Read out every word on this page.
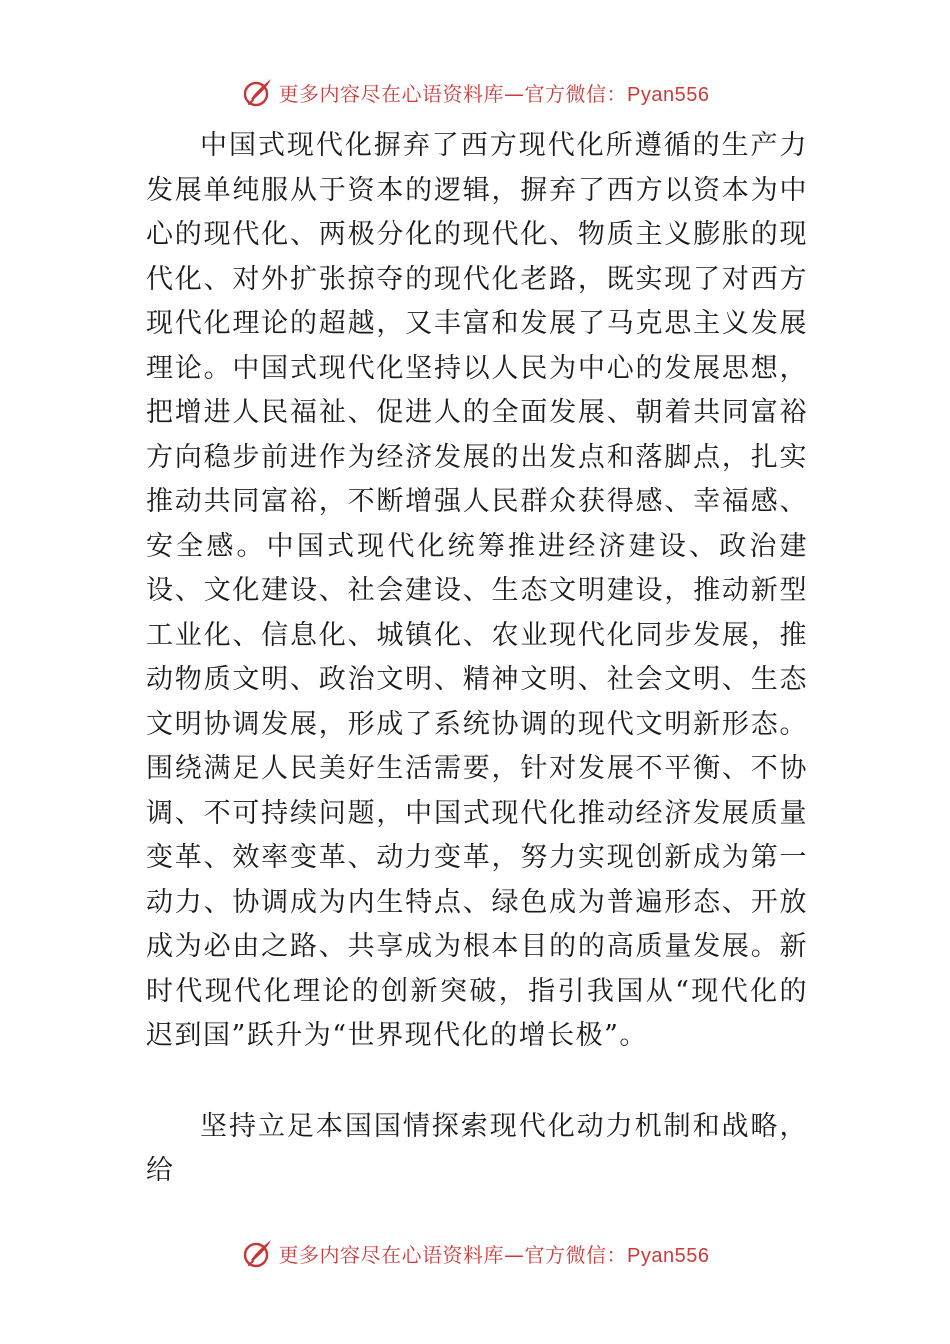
更多内容尽在心语资料库—官方微信：Pyan556

中国式现代化摒弃了西方现代化所遵循的生产力发展单纯服从于资本的逻辑，摒弃了西方以资本为中心的现代化、两极分化的现代化、物质主义膨胀的现代化、对外扩张掠夺的现代化老路，既实现了对西方现代化理论的超越，又丰富和发展了马克思主义发展理论。中国式现代化坚持以人民为中心的发展思想，把增进人民福祉、促进人的全面发展、朝着共同富裕方向稳步前进作为经济发展的出发点和落脚点，扎实推动共同富裕，不断增强人民群众获得感、幸福感、安全感。中国式现代化统筹推进经济建设、政治建设、文化建设、社会建设、生态文明建设，推动新型工业化、信息化、城镇化、农业现代化同步发展，推动物质文明、政治文明、精神文明、社会文明、生态文明协调发展，形成了系统协调的现代文明新形态。围绕满足人民美好生活需要，针对发展不平衡、不协调、不可持续问题，中国式现代化推动经济发展质量变革、效率变革、动力变革，努力实现创新成为第一动力、协调成为内生特点、绿色成为普遍形态、开放成为必由之路、共享成为根本目的的高质量发展。新时代现代化理论的创新突破，指引我国从“现代化的迟到国”跃升为“世界现代化的增长极”。

坚持立足本国国情探索现代化动力机制和战略，给

更多内容尽在心语资料库—官方微信：Pyan556
